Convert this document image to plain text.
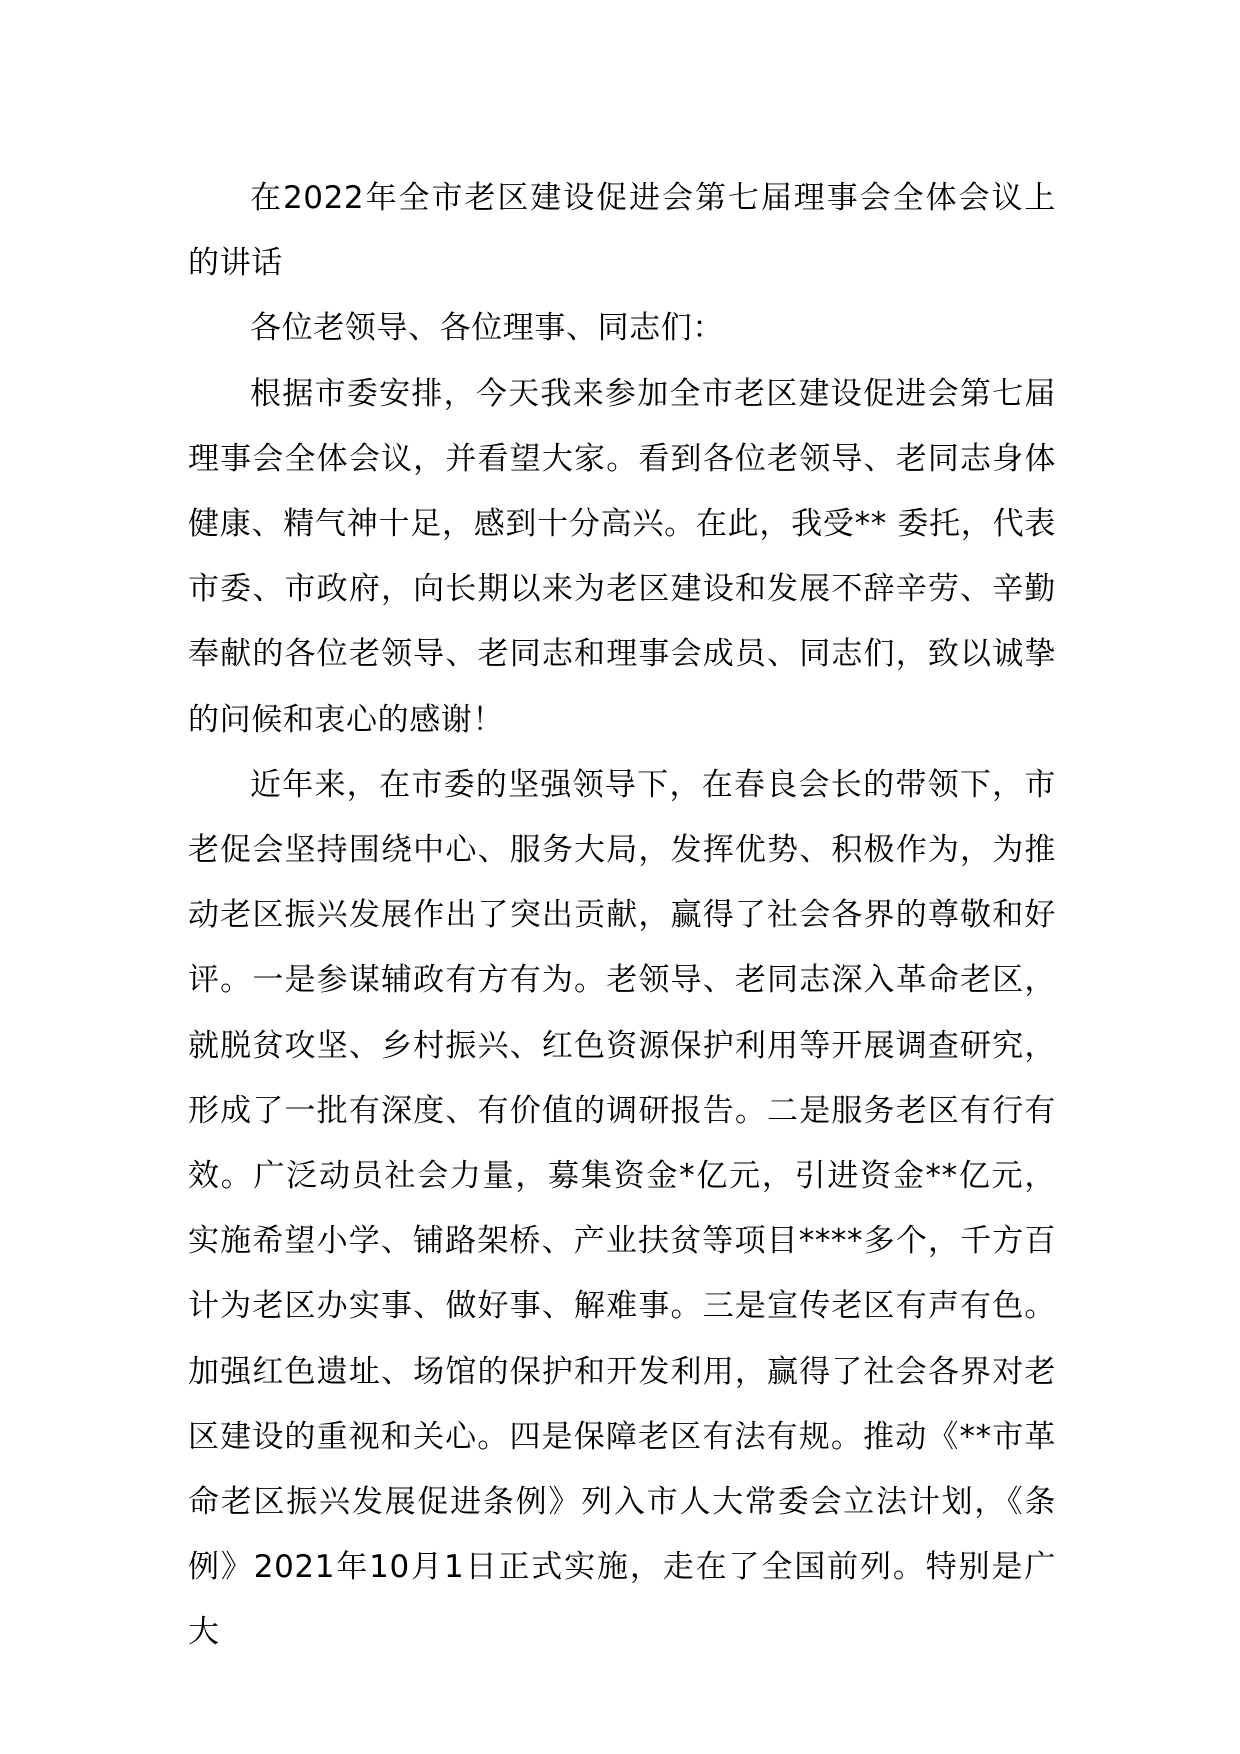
在2022年全市老区建设促进会第七届理事会全体会议上的讲话

各位老领导、各位理事、同志们：

根据市委安排，今天我来参加全市老区建设促进会第七届理事会全体会议，并看望大家。看到各位老领导、老同志身体健康、精气神十足，感到十分高兴。在此，我受** 委托，代表市委、市政府，向长期以来为老区建设和发展不辞辛劳、辛勤奉献的各位老领导、老同志和理事会成员、同志们，致以诚挚的问候和衷心的感谢！

近年来，在市委的坚强领导下，在春良会长的带领下，市老促会坚持围绕中心、服务大局，发挥优势、积极作为，为推动老区振兴发展作出了突出贡献，赢得了社会各界的尊敬和好评。一是参谋辅政有方有为。老领导、老同志深入革命老区，就脱贫攻坚、乡村振兴、红色资源保护利用等开展调查研究，形成了一批有深度、有价值的调研报告。二是服务老区有行有效。广泛动员社会力量，募集资金*亿元，引进资金**亿元，实施希望小学、铺路架桥、产业扶贫等项目****多个，千方百计为老区办实事、做好事、解难事。三是宣传老区有声有色。加强红色遗址、场馆的保护和开发利用，赢得了社会各界对老区建设的重视和关心。四是保障老区有法有规。推动《**市革命老区振兴发展促进条例》列入市人大常委会立法计划，《条例》2021年10月1日正式实施，走在了全国前列。特别是广大
